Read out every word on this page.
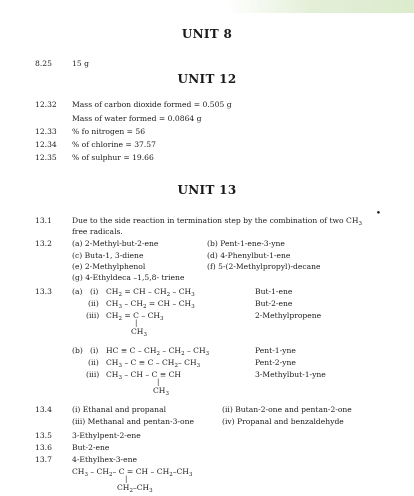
UNIT 8
8.25	15 g
UNIT 12
12.32 Mass of carbon dioxide formed = 0.505 g
Mass of water formed = 0.0864 g
12.33 % fo nitrogen = 56
12.34 % of chlorine = 37.57
12.35 % of sulphur = 19.66
UNIT 13
13.1	Due to the side reaction in termination step by the combination of two $CH_3$
•
free radicals.
13.2	(a) 2-Methyl-but-2-ene	(b) Pent-1-ene-3-yne
(c) Buta-1, 3-diene	(d) 4-Phenylbut-1-ene
(e) 2-Methylphenol	(f) 5-(2-Methylpropyl)-decane
(g) 4-Ethyldeca –1,5,8- triene
13.3	(a) (i) $CH_2$ = CH – $CH_2 - CH_3$	But-1-ene
(ii) $CH_3 - CH_2$ = CH – $CH_3$	But-2-ene
(iii) $CH_2 = C - CH_3$	2-Methylpropene
|
$CH_3$
(b) (i) HC ≡ C – $CH_2 - CH_2 - CH_3$	Pent-1-yne
(ii) $CH_3 - C \equiv C - CH_2-$ $CH_3$	Pent-2-yne
(iii) $CH_3$ – CH – C ≡ CH	3-Methylbut-1-yne
|
$CH_3$
13.4	(i) Ethanal and propanal	(ii) Butan-2-one and pentan-2-one
(iii) Methanal and pentan-3-one	(iv) Propanal and benzaldehyde
13.5	3-Ethylpent-2-ene
13.6	But-2-ene
13.7	4-Ethylhex-3-ene
$CH_3 - CH_2-$ C = CH – $CH_2-CH_3$
|
$CH_2-CH_3$
